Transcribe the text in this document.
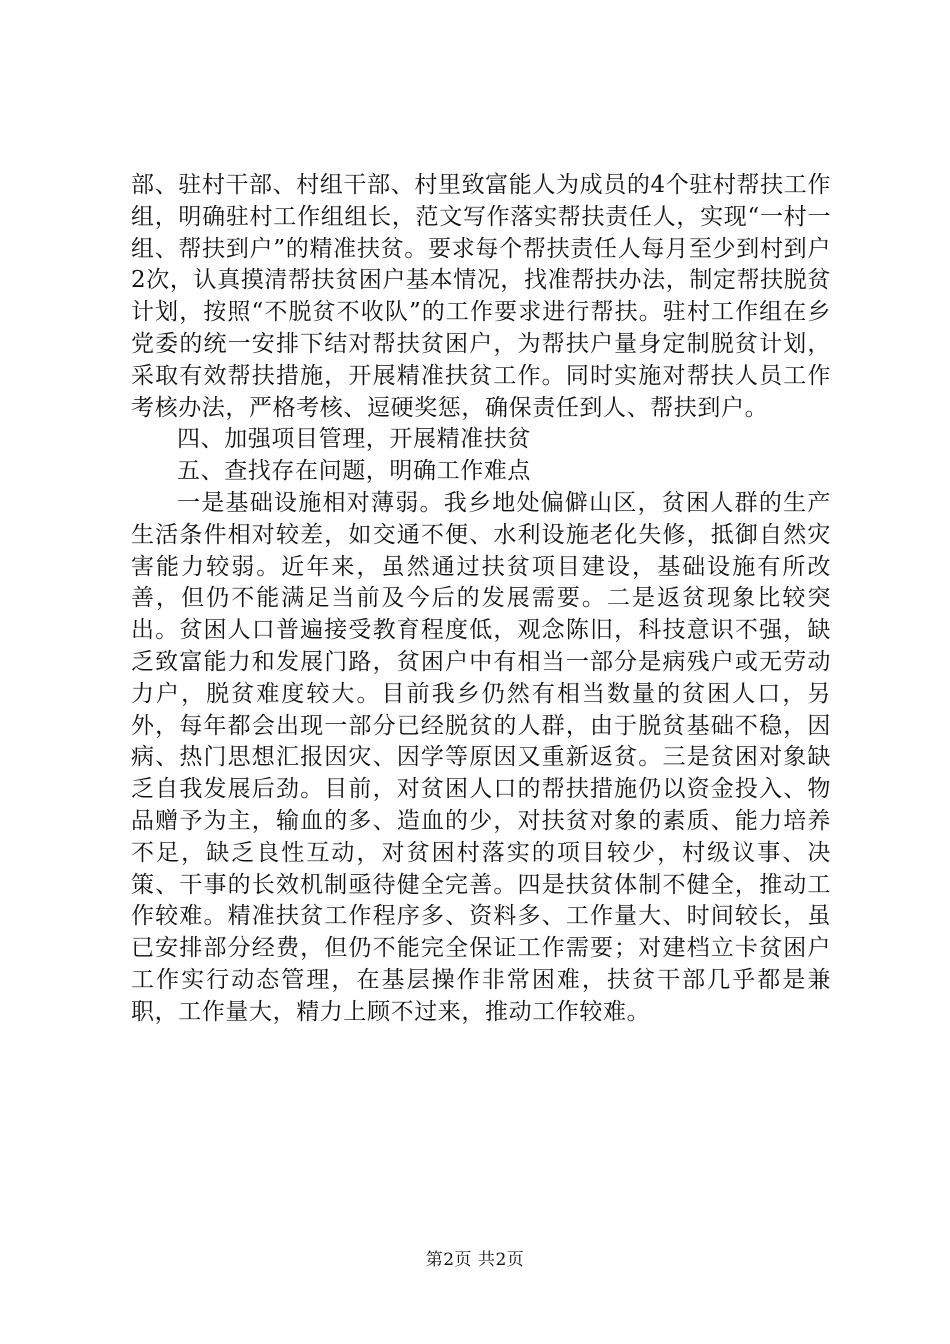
部、驻村干部、村组干部、村里致富能人为成员的4个驻村帮扶工作组，明确驻村工作组组长，范文写作落实帮扶责任人，实现“一村一组、帮扶到户”的精准扶贫。要求每个帮扶责任人每月至少到村到户2次，认真摸清帮扶贫困户基本情况，找准帮扶办法，制定帮扶脱贫计划，按照“不脱贫不收队”的工作要求进行帮扶。驻村工作组在乡党委的统一安排下结对帮扶贫困户，为帮扶户量身定制脱贫计划，采取有效帮扶措施，开展精准扶贫工作。同时实施对帮扶人员工作考核办法，严格考核、逗硬奖惩，确保责任到人、帮扶到户。

四、加强项目管理，开展精准扶贫

五、查找存在问题，明确工作难点

一是基础设施相对薄弱。我乡地处偏僻山区，贫困人群的生产生活条件相对较差，如交通不便、水利设施老化失修，抵御自然灾害能力较弱。近年来，虽然通过扶贫项目建设，基础设施有所改善，但仍不能满足当前及今后的发展需要。二是返贫现象比较突出。贫困人口普遍接受教育程度低，观念陈旧，科技意识不强，缺乏致富能力和发展门路，贫困户中有相当一部分是病残户或无劳动力户，脱贫难度较大。目前我乡仍然有相当数量的贫困人口，另外，每年都会出现一部分已经脱贫的人群，由于脱贫基础不稳，因病、热门思想汇报因灾、因学等原因又重新返贫。三是贫困对象缺乏自我发展后劲。目前，对贫困人口的帮扶措施仍以资金投入、物品赠予为主，输血的多、造血的少，对扶贫对象的素质、能力培养不足，缺乏良性互动，对贫困村落实的项目较少，村级议事、决策、干事的长效机制亟待健全完善。四是扶贫体制不健全，推动工作较难。精准扶贫工作程序多、资料多、工作量大、时间较长，虽已安排部分经费，但仍不能完全保证工作需要；对建档立卡贫困户工作实行动态管理，在基层操作非常困难，扶贫干部几乎都是兼职，工作量大，精力上顾不过来，推动工作较难。

第2页 共2页
